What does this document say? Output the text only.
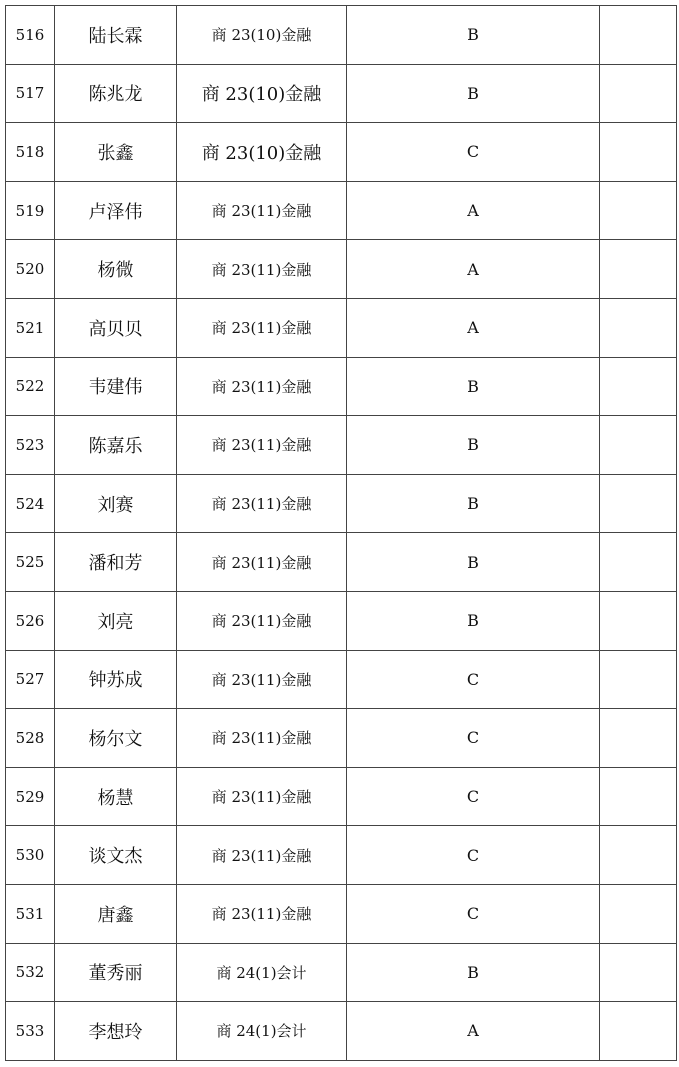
516	陆长霖	商 23(10)金融	B	
517	陈兆龙	商 23(10)金融	B	
518	张鑫	商 23(10)金融	C	
519	卢泽伟	商 23(11)金融	A	
520	杨微	商 23(11)金融	A	
521	高贝贝	商 23(11)金融	A	
522	韦建伟	商 23(11)金融	B	
523	陈嘉乐	商 23(11)金融	B	
524	刘赛	商 23(11)金融	B	
525	潘和芳	商 23(11)金融	B	
526	刘亮	商 23(11)金融	B	
527	钟苏成	商 23(11)金融	C	
528	杨尔文	商 23(11)金融	C	
529	杨慧	商 23(11)金融	C	
530	谈文杰	商 23(11)金融	C	
531	唐鑫	商 23(11)金融	C	
532	董秀丽	商 24(1)会计	B	
533	李想玲	商 24(1)会计	A	
